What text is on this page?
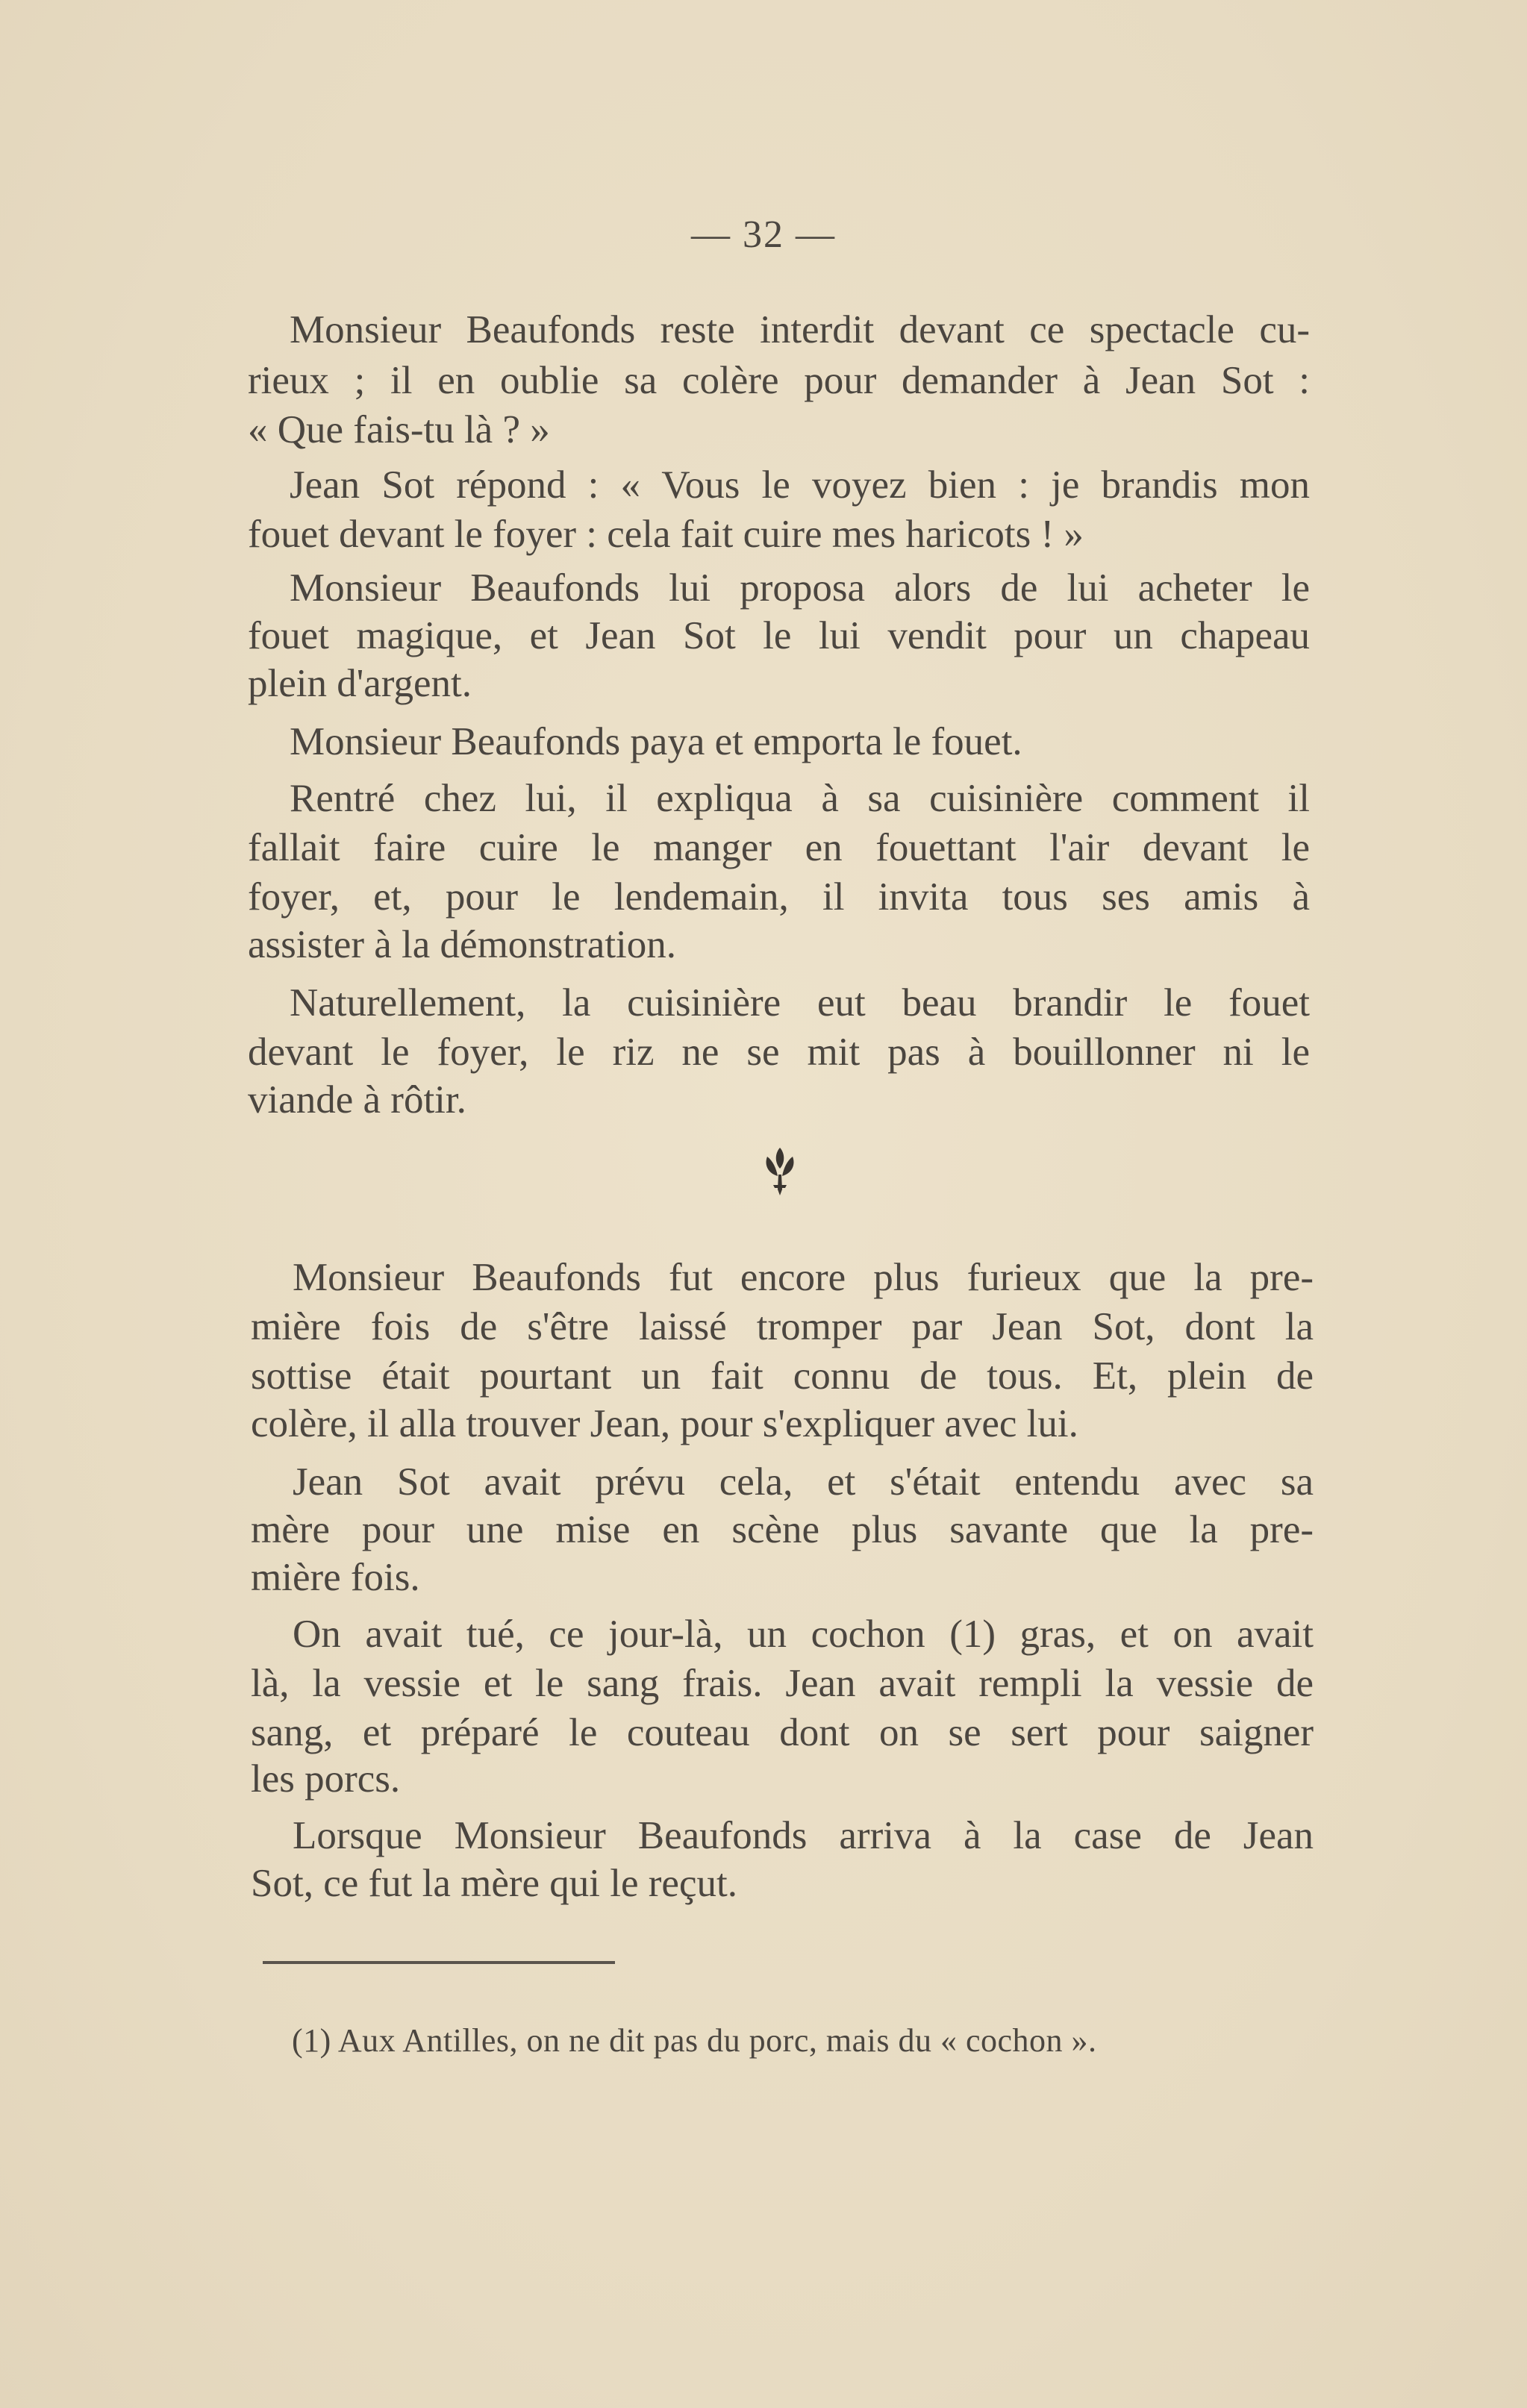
— 32 —
Monsieur Beaufonds reste interdit devant ce spectacle cu-
rieux ; il en oublie sa colère pour demander à Jean Sot :
« Que fais-tu là ? »
Jean Sot répond : « Vous le voyez bien : je brandis mon
fouet devant le foyer : cela fait cuire mes haricots ! »
Monsieur Beaufonds lui proposa alors de lui acheter le
fouet magique, et Jean Sot le lui vendit pour un chapeau
plein d'argent.
Monsieur Beaufonds paya et emporta le fouet.
Rentré chez lui, il expliqua à sa cuisinière comment il
fallait faire cuire le manger en fouettant l'air devant le
foyer, et, pour le lendemain, il invita tous ses amis à
assister à la démonstration.
Naturellement, la cuisinière eut beau brandir le fouet
devant le foyer, le riz ne se mit pas à bouillonner ni le
viande à rôtir.
Monsieur Beaufonds fut encore plus furieux que la pre-
mière fois de s'être laissé tromper par Jean Sot, dont la
sottise était pourtant un fait connu de tous. Et, plein de
colère, il alla trouver Jean, pour s'expliquer avec lui.
Jean Sot avait prévu cela, et s'était entendu avec sa
mère pour une mise en scène plus savante que la pre-
mière fois.
On avait tué, ce jour-là, un cochon (1) gras, et on avait
là, la vessie et le sang frais. Jean avait rempli la vessie de
sang, et préparé le couteau dont on se sert pour saigner
les porcs.
Lorsque Monsieur Beaufonds arriva à la case de Jean
Sot, ce fut la mère qui le reçut.
(1) Aux Antilles, on ne dit pas du porc, mais du « cochon ».
